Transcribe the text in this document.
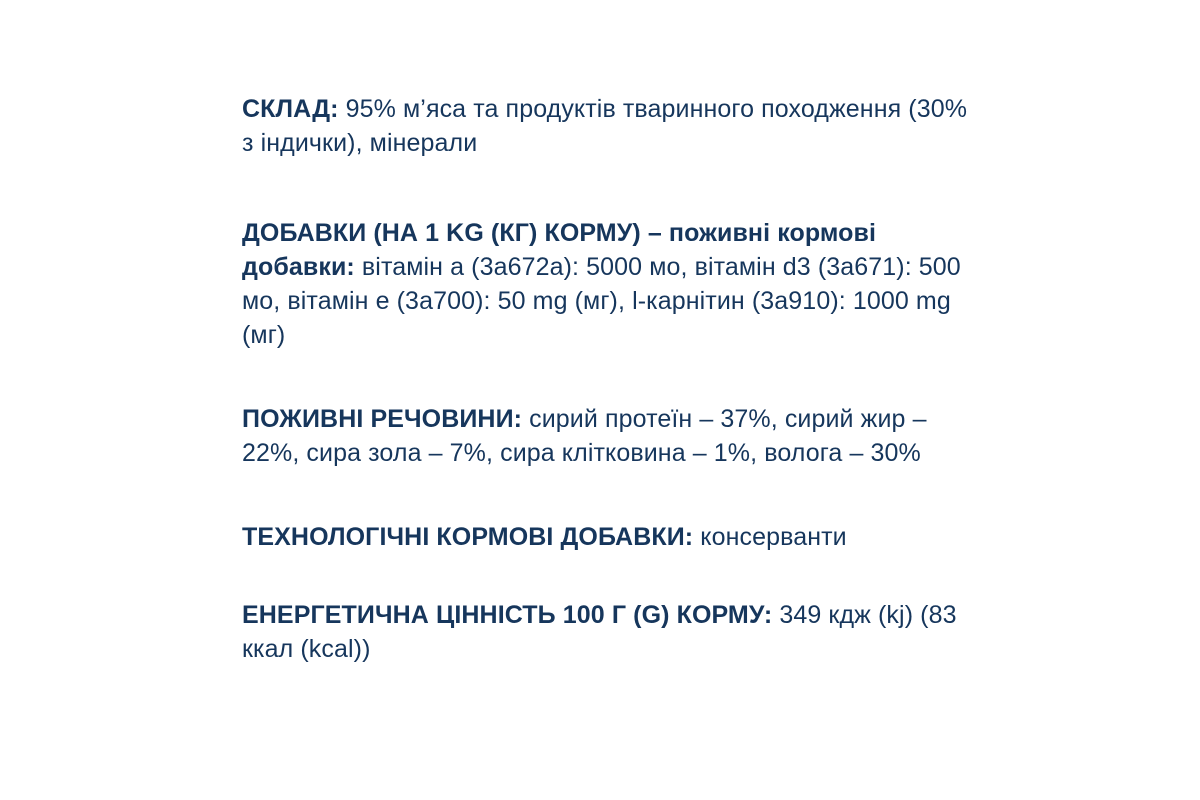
СКЛАД: 95% м’яса та продуктів тваринного походження (30% з індички), мінерали

ДОБАВКИ (НА 1 KG (КГ) КОРМУ) – поживні кормові добавки: вітамін a (3a672a): 5000 мо, вітамін d3 (3a671): 500 мо, вітамін e (3a700): 50 mg (мг), l-карнітин (3a910): 1000 mg (мг)

ПОЖИВНІ РЕЧОВИНИ: сирий протеїн – 37%, сирий жир – 22%, сира зола – 7%, сира клітковина – 1%, волога – 30%

ТЕХНОЛОГІЧНІ КОРМОВІ ДОБАВКИ: консерванти

ЕНЕРГЕТИЧНА ЦІННІСТЬ 100 Г (G) КОРМУ: 349 кдж (kj) (83 ккал (kcal))
